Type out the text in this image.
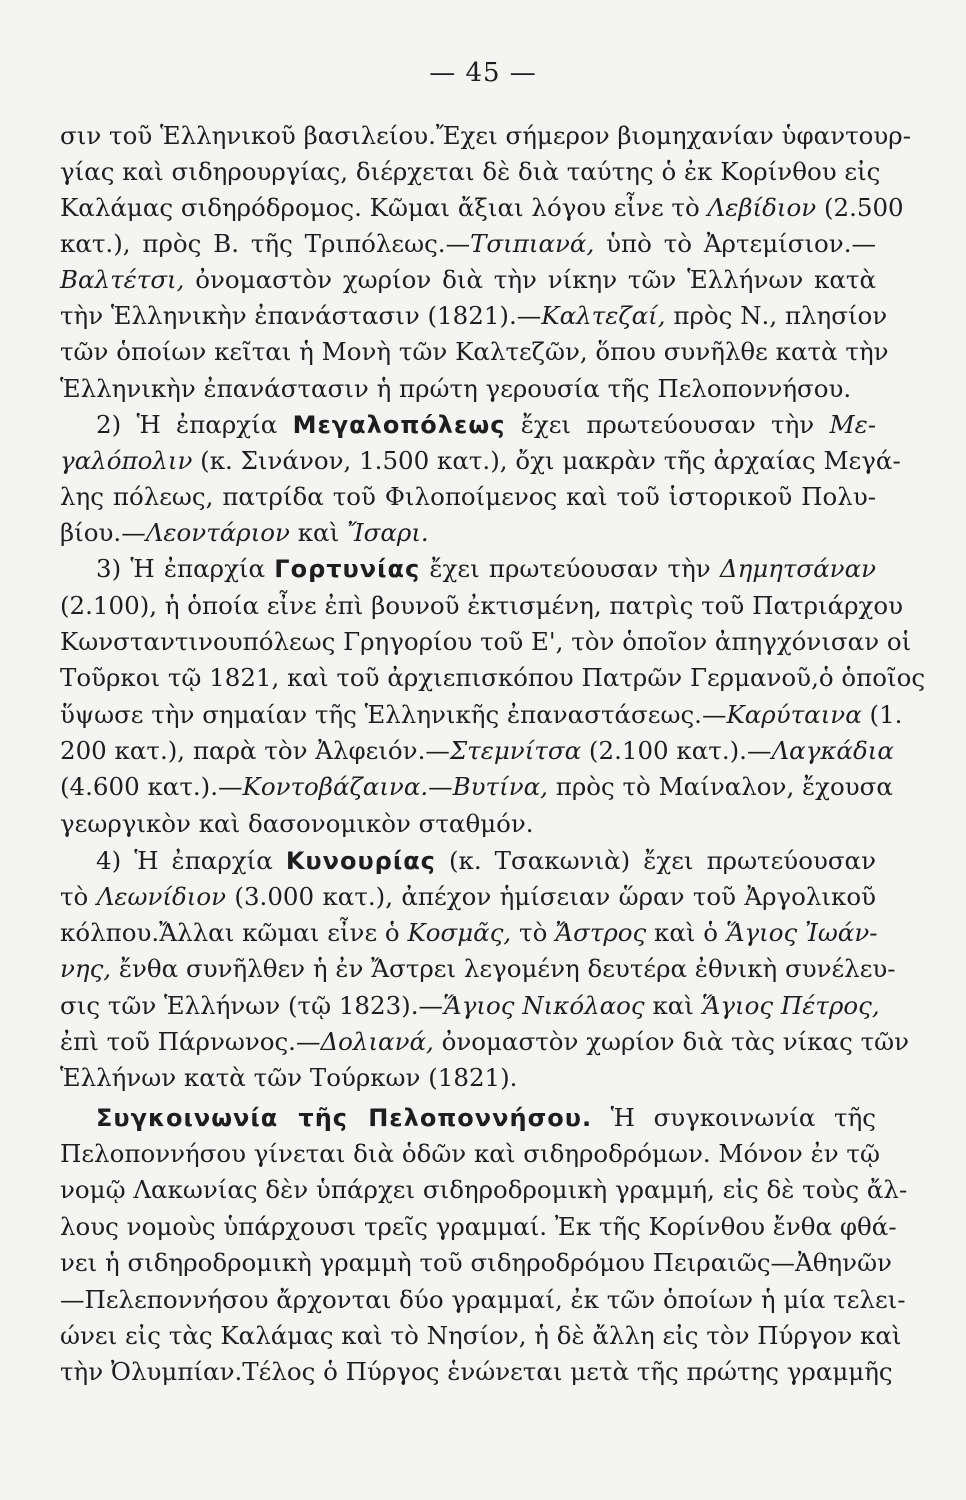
— 45 —
σιν τοῦ Ἑλληνικοῦ βασιλείου.Ἔχει σήμερον βιομηχανίαν ὑφαντουρ-
γίας καὶ σιδηρουργίας, διέρχεται δὲ διὰ ταύτης ὁ ἐκ Κορίνθου εἰς
Καλάμας σιδηρόδρομος. Κῶμαι ἄξιαι λόγου εἶνε τὸ Λεβίδιον (2.500
κατ.), πρὸς Β. τῆς Τριπόλεως.—Τσιπιανά, ὑπὸ τὸ Ἀρτεμίσιον.—
Βαλτέτσι, ὀνομαστὸν χωρίον διὰ τὴν νίκην τῶν Ἑλλήνων κατὰ
τὴν Ἑλληνικὴν ἐπανάστασιν (1821).—Καλτεζαί, πρὸς Ν., πλησίον
τῶν ὁποίων κεῖται ἡ Μονὴ τῶν Καλτεζῶν, ὅπου συνῆλθε κατὰ τὴν
Ἑλληνικὴν ἐπανάστασιν ἡ πρώτη γερουσία τῆς Πελοποννήσου.
2) Ἡ ἐπαρχία Μεγαλοπόλεως ἔχει πρωτεύουσαν τὴν Με-
γαλόπολιν (κ. Σινάνον, 1.500 κατ.), ὄχι μακρὰν τῆς ἀρχαίας Μεγά-
λης πόλεως, πατρίδα τοῦ Φιλοποίμενος καὶ τοῦ ἱστορικοῦ Πολυ-
βίου.—Λεοντάριον καὶ Ἴσαρι.
3) Ἡ ἐπαρχία Γορτυνίας ἔχει πρωτεύουσαν τὴν Δημητσάναν
(2.100), ἡ ὁποία εἶνε ἐπὶ βουνοῦ ἐκτισμένη, πατρὶς τοῦ Πατριάρχου
Κωνσταντινουπόλεως Γρηγορίου τοῦ Ε', τὸν ὁποῖον ἀπηγχόνισαν οἱ
Τοῦρκοι τῷ 1821, καὶ τοῦ ἀρχιεπισκόπου Πατρῶν Γερμανοῦ,ὁ ὁποῖος
ὕψωσε τὴν σημαίαν τῆς Ἑλληνικῆς ἐπαναστάσεως.—Καρύταινα (1.
200 κατ.), παρὰ τὸν Ἀλφειόν.—Στεμνίτσα (2.100 κατ.).—Λαγκάδια
(4.600 κατ.).—Κοντοβάζαινα.—Βυτίνα, πρὸς τὸ Μαίναλον, ἔχουσα
γεωργικὸν καὶ δασονομικὸν σταθμόν.
4) Ἡ ἐπαρχία Κυνουρίας (κ. Τσακωνιὰ) ἔχει πρωτεύουσαν
τὸ Λεωνίδιον (3.000 κατ.), ἀπέχον ἡμίσειαν ὥραν τοῦ Ἀργολικοῦ
κόλπου.Ἄλλαι κῶμαι εἶνε ὁ Κοσμᾶς, τὸ Ἄστρος καὶ ὁ Ἅγιος Ἰωάν-
νης, ἔνθα συνῆλθεν ἡ ἐν Ἄστρει λεγομένη δευτέρα ἐθνικὴ συνέλευ-
σις τῶν Ἑλλήνων (τῷ 1823).—Ἅγιος Νικόλαος καὶ Ἅγιος Πέτρος,
ἐπὶ τοῦ Πάρνωνος.—Δολιανά, ὀνομαστὸν χωρίον διὰ τὰς νίκας τῶν
Ἑλλήνων κατὰ τῶν Τούρκων (1821).
Συγκοινωνία τῆς Πελοποννήσου. Ἡ συγκοινωνία τῆς
Πελοποννήσου γίνεται διὰ ὁδῶν καὶ σιδηροδρόμων. Μόνον ἐν τῷ
νομῷ Λακωνίας δὲν ὑπάρχει σιδηροδρομικὴ γραμμή, εἰς δὲ τοὺς ἄλ-
λους νομοὺς ὑπάρχουσι τρεῖς γραμμαί. Ἐκ τῆς Κορίνθου ἔνθα φθά-
νει ἡ σιδηροδρομικὴ γραμμὴ τοῦ σιδηροδρόμου Πειραιῶς—Ἀθηνῶν
—Πελεποννήσου ἄρχονται δύο γραμμαί, ἐκ τῶν ὁποίων ἡ μία τελει-
ώνει εἰς τὰς Καλάμας καὶ τὸ Νησίον, ἡ δὲ ἄλλη εἰς τὸν Πύργον καὶ
τὴν Ὀλυμπίαν.Τέλος ὁ Πύργος ἑνώνεται μετὰ τῆς πρώτης γραμμῆς
